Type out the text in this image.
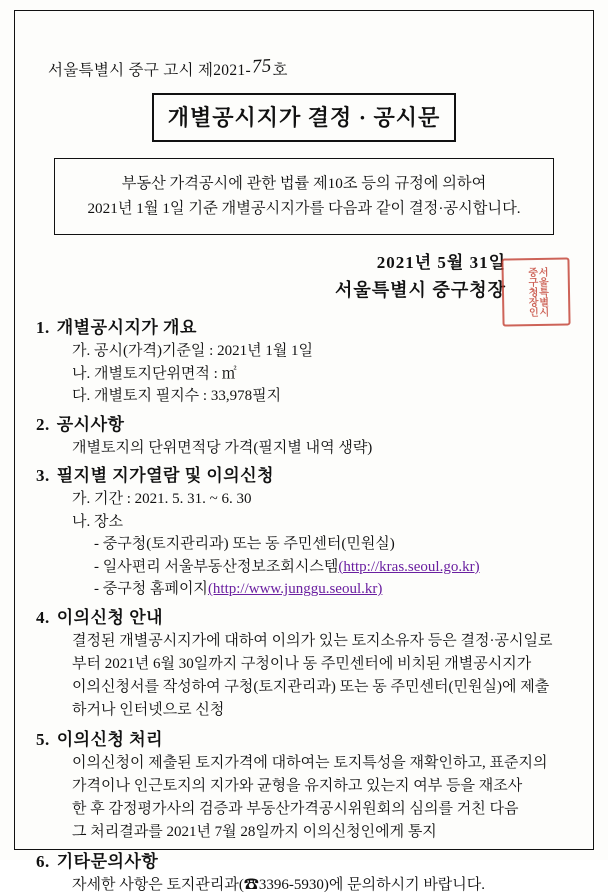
서울특별시 중구 고시 제2021-75호
개별공시지가 결정 · 공시문
부동산 가격공시에 관한 법률 제10조 등의 규정에 의하여
2021년 1월 1일 기준 개별공시지가를 다음과 같이 결정·공시합니다.
2021년 5월 31일
서울특별시 중구청장	서울특별시중구청장인
1. 개별공시지가 개요
가. 공시(가격)기준일 : 2021년 1월 1일
나. 개별토지단위면적 : ㎡
다. 개별토지 필지수 : 33,978필지
2. 공시사항
개별토지의 단위면적당 가격(필지별 내역 생략)
3. 필지별 지가열람 및 이의신청
가. 기간 : 2021. 5. 31. ~ 6. 30
나. 장소
- 중구청(토지관리과) 또는 동 주민센터(민원실)
- 일사편리 서울부동산정보조회시스템(http://kras.seoul.go.kr)
- 중구청 홈페이지(http://www.junggu.seoul.kr)
4. 이의신청 안내
결정된 개별공시지가에 대하여 이의가 있는 토지소유자 등은 결정·공시일로
부터 2021년 6월 30일까지 구청이나 동 주민센터에 비치된 개별공시지가
이의신청서를 작성하여 구청(토지관리과) 또는 동 주민센터(민원실)에 제출
하거나 인터넷으로 신청
5. 이의신청 처리
이의신청이 제출된 토지가격에 대하여는 토지특성을 재확인하고, 표준지의
가격이나 인근토지의 지가와 균형을 유지하고 있는지 여부 등을 재조사
한 후 감정평가사의 검증과 부동산가격공시위원회의 심의를 거친 다음
그 처리결과를 2021년 7월 28일까지 이의신청인에게 통지
6. 기타문의사항
자세한 사항은 토지관리과(☎3396-5930)에 문의하시기 바랍니다.
